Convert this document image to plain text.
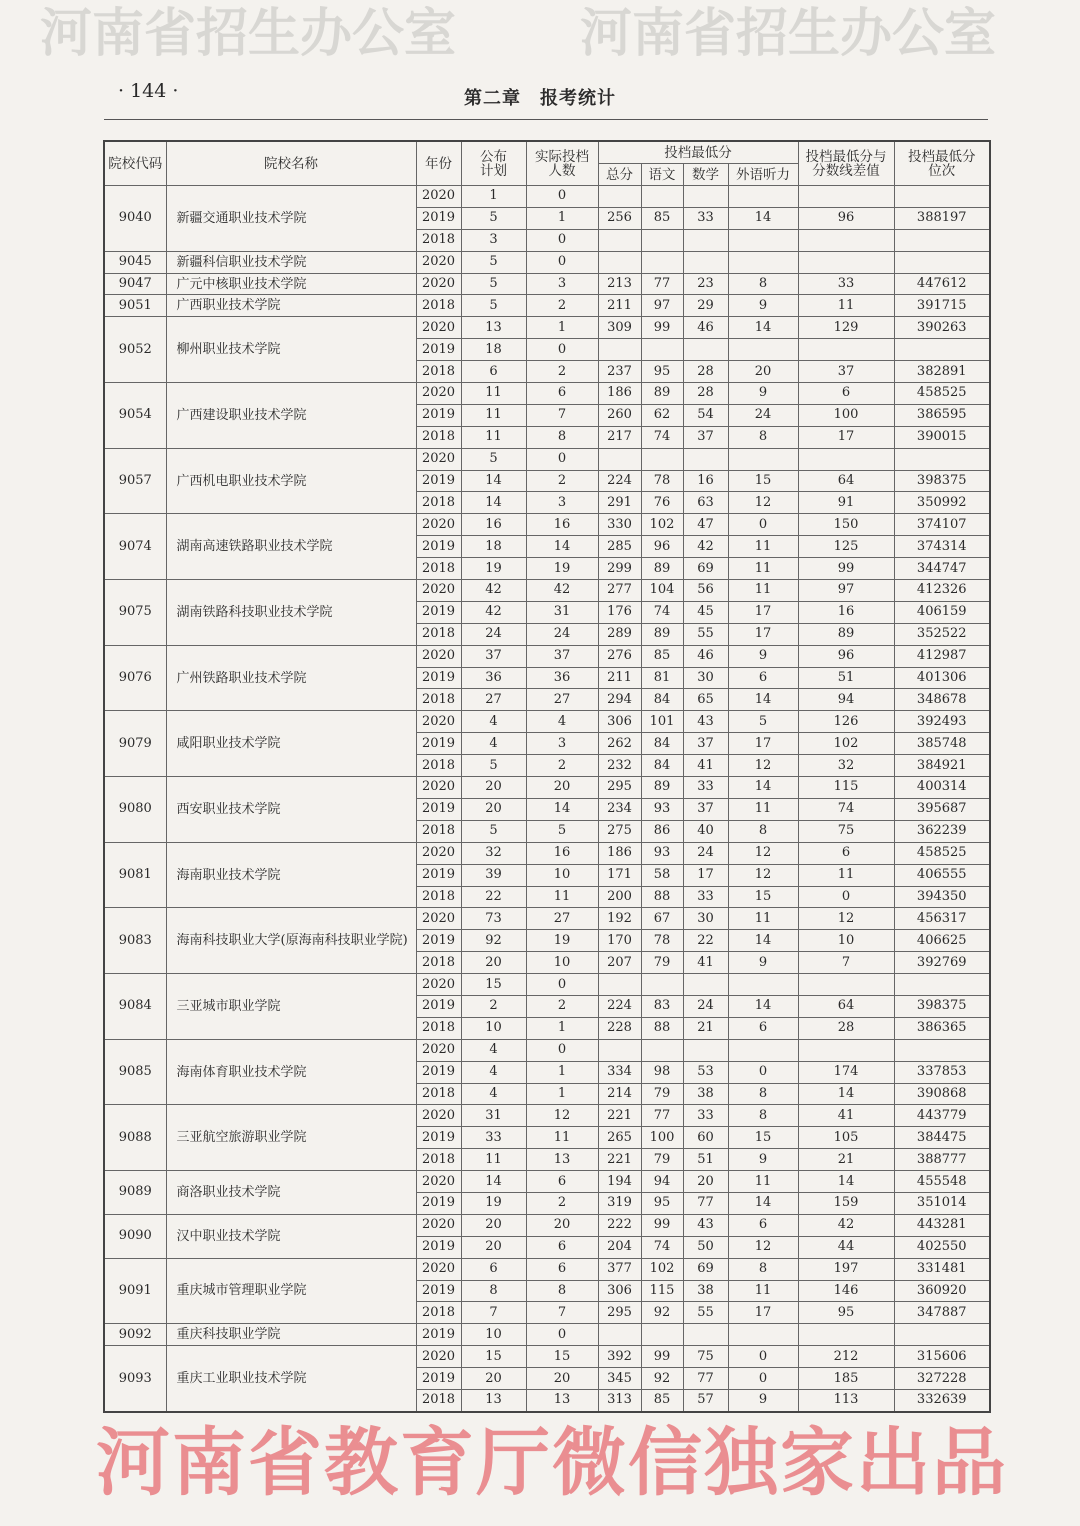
· 144 ·	第二章　报考统计
院校代码	院校名称	年份	公布计划	实际投档人数	投档最低分				投档最低分与分数线差值	投档最低分位次
					总分	语文	数学	外语听力		
9040	新疆交通职业技术学院	2020	1	0						
		2019	5	1	256	85	33	14	96	388197
		2018	3	0						
9045	新疆科信职业技术学院	2020	5	0						
9047	广元中核职业技术学院	2020	5	3	213	77	23	8	33	447612
9051	广西职业技术学院	2018	5	2	211	97	29	9	11	391715
9052	柳州职业技术学院	2020	13	1	309	99	46	14	129	390263
		2019	18	0						
		2018	6	2	237	95	28	20	37	382891
9054	广西建设职业技术学院	2020	11	6	186	89	28	9	6	458525
		2019	11	7	260	62	54	24	100	386595
		2018	11	8	217	74	37	8	17	390015
9057	广西机电职业技术学院	2020	5	0						
		2019	14	2	224	78	16	15	64	398375
		2018	14	3	291	76	63	12	91	350992
9074	湖南高速铁路职业技术学院	2020	16	16	330	102	47	0	150	374107
		2019	18	14	285	96	42	11	125	374314
		2018	19	19	299	89	69	11	99	344747
9075	湖南铁路科技职业技术学院	2020	42	42	277	104	56	11	97	412326
		2019	42	31	176	74	45	17	16	406159
		2018	24	24	289	89	55	17	89	352522
9076	广州铁路职业技术学院	2020	37	37	276	85	46	9	96	412987
		2019	36	36	211	81	30	6	51	401306
		2018	27	27	294	84	65	14	94	348678
9079	咸阳职业技术学院	2020	4	4	306	101	43	5	126	392493
		2019	4	3	262	84	37	17	102	385748
		2018	5	2	232	84	41	12	32	384921
9080	西安职业技术学院	2020	20	20	295	89	33	14	115	400314
		2019	20	14	234	93	37	11	74	395687
		2018	5	5	275	86	40	8	75	362239
9081	海南职业技术学院	2020	32	16	186	93	24	12	6	458525
		2019	39	10	171	58	17	12	11	406555
		2018	22	11	200	88	33	15	0	394350
9083	海南科技职业大学(原海南科技职业学院)	2020	73	27	192	67	30	11	12	456317
		2019	92	19	170	78	22	14	10	406625
		2018	20	10	207	79	41	9	7	392769
9084	三亚城市职业学院	2020	15	0						
		2019	2	2	224	83	24	14	64	398375
		2018	10	1	228	88	21	6	28	386365
9085	海南体育职业技术学院	2020	4	0						
		2019	4	1	334	98	53	0	174	337853
		2018	4	1	214	79	38	8	14	390868
9088	三亚航空旅游职业学院	2020	31	12	221	77	33	8	41	443779
		2019	33	11	265	100	60	15	105	384475
		2018	11	13	221	79	51	9	21	388777
9089	商洛职业技术学院	2020	14	6	194	94	20	11	14	455548
		2019	19	2	319	95	77	14	159	351014
9090	汉中职业技术学院	2020	20	20	222	99	43	6	42	443281
		2019	20	6	204	74	50	12	44	402550
9091	重庆城市管理职业学院	2020	6	6	377	102	69	8	197	331481
		2019	8	8	306	115	38	11	146	360920
		2018	7	7	295	92	55	17	95	347887
9092	重庆科技职业学院	2019	10	0						
9093	重庆工业职业技术学院	2020	15	15	392	99	75	0	212	315606
		2019	20	20	345	92	77	0	185	327228
		2018	13	13	313	85	57	9	113	332639
河南省招生办公室 河南省招生办公室
河南省教育厅微信独家出品
